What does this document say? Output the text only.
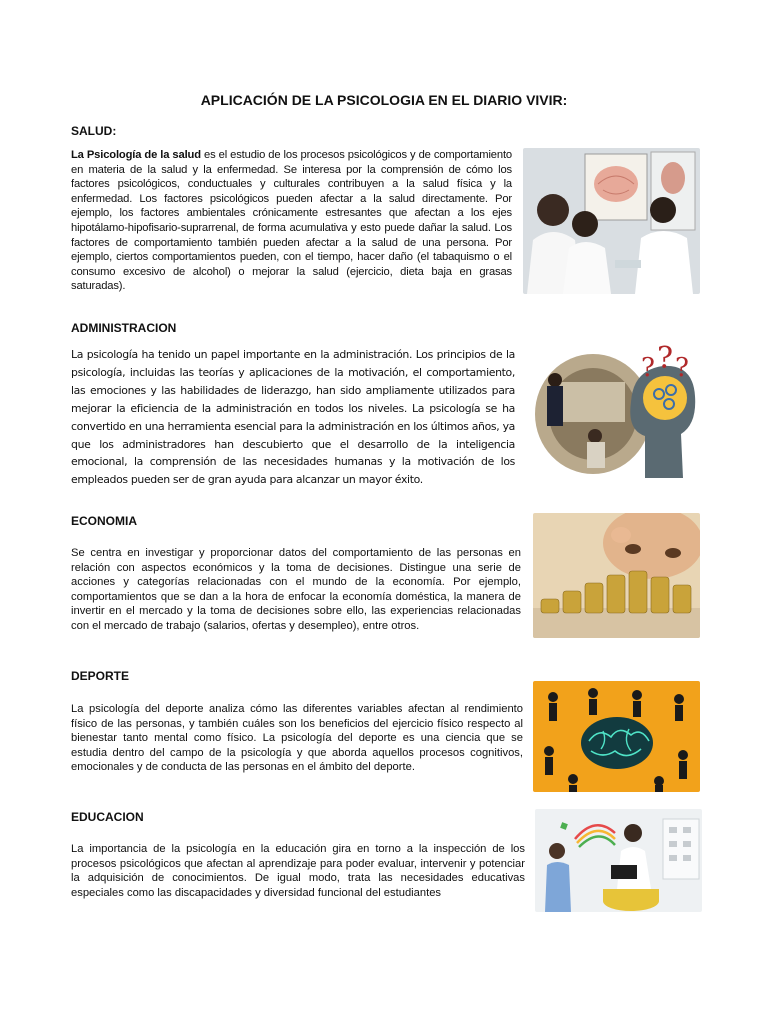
APLICACIÓN DE LA PSICOLOGIA EN EL DIARIO VIVIR:
SALUD:
La Psicología de la salud es el estudio de los procesos psicológicos y de comportamiento en materia de la salud y la enfermedad. Se interesa por la comprensión de cómo los factores psicológicos, conductuales y culturales contribuyen a la salud física y la enfermedad. Los factores psicológicos pueden afectar a la salud directamente. Por ejemplo, los factores ambientales crónicamente estresantes que afectan a los ejes hipotálamo-hipofisario-suprarrenal, de forma acumulativa y esto puede dañar la salud. Los factores de comportamiento también pueden afectar a la salud de una persona. Por ejemplo, ciertos comportamientos pueden, con el tiempo, hacer daño (el tabaquismo o el consumo excesivo de alcohol) o mejorar la salud (ejercicio, dieta baja en grasas saturadas).
ADMINISTRACION
La psicología ha tenido un papel importante en la administración. Los principios de la psicología, incluidas las teorías y aplicaciones de la motivación, el comportamiento, las emociones y las habilidades de liderazgo, han sido ampliamente utilizados para mejorar la eficiencia de la administración en todos los niveles. La psicología se ha convertido en una herramienta esencial para la administración en los últimos años, ya que los administradores han descubierto que el desarrollo de la inteligencia emocional, la comprensión de las necesidades humanas y la motivación de los empleados pueden ser de gran ayuda para alcanzar un mayor éxito.
? ? ?
ECONOMIA
Se centra en investigar y proporcionar datos del comportamiento de las personas en relación con aspectos económicos y la toma de decisiones. Distingue una serie de acciones y categorías relacionadas con el mundo de la economía. Por ejemplo, comportamientos que se dan a la hora de enfocar la economía doméstica, la manera de invertir en el mercado y la toma de decisiones sobre ello, las experiencias relacionadas con el mercado de trabajo (salarios, ofertas y desempleo), entre otros.
DEPORTE
La psicología del deporte analiza cómo las diferentes variables afectan al rendimiento físico de las personas, y también cuáles son los beneficios del ejercicio físico respecto al bienestar tanto mental como físico. La psicología del deporte es una ciencia que se estudia dentro del campo de la psicología y que aborda aquellos procesos cognitivos, emocionales y de conducta de las personas en el ámbito del deporte.
EDUCACION
La importancia de la psicología en la educación gira en torno a la inspección de los procesos psicológicos que afectan al aprendizaje para poder evaluar, intervenir y potenciar la adquisición de conocimientos. De igual modo, trata las necesidades educativas especiales como las discapacidades y diversidad funcional del estudiantes
